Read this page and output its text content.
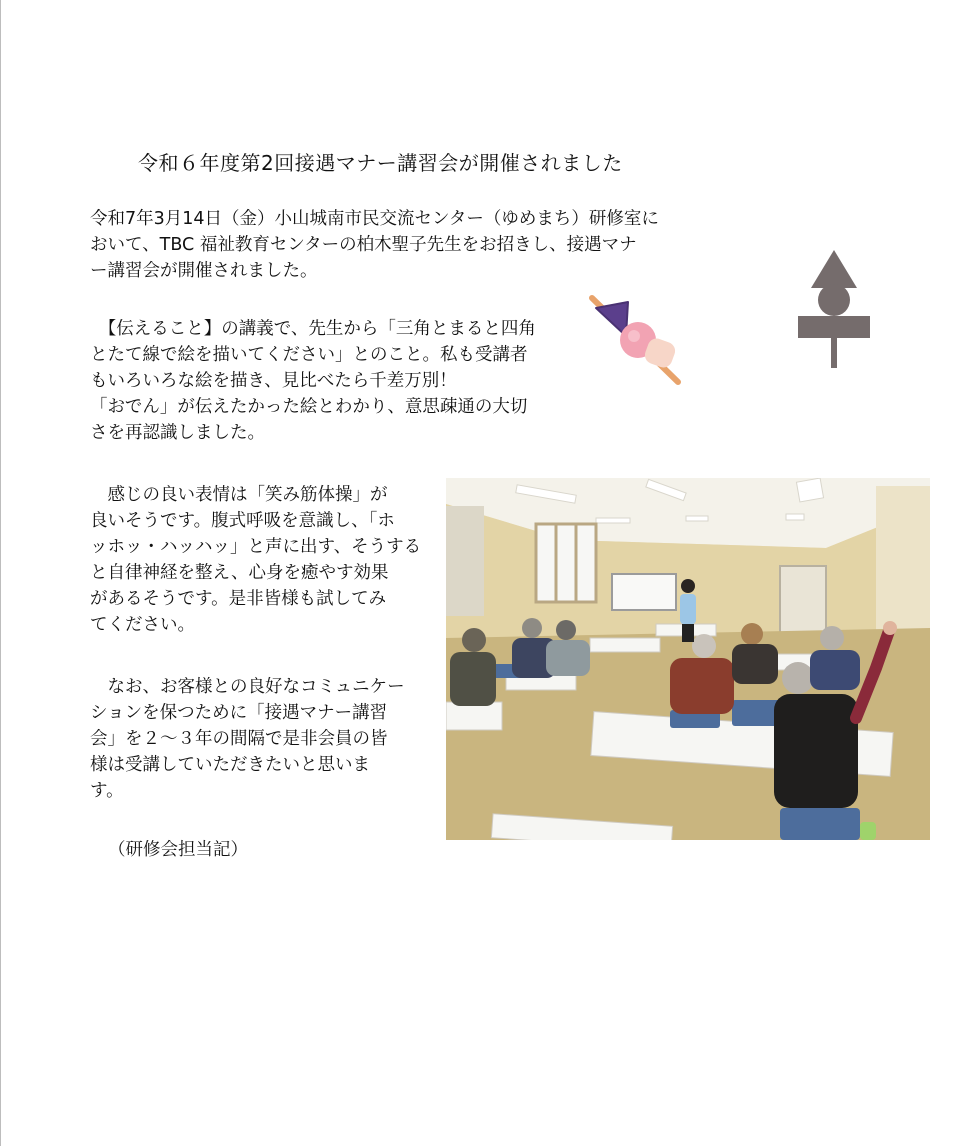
令和６年度第2回接遇マナー講習会が開催されました

令和7年3月14日（金）小山城南市民交流センター（ゆめまち）研修室に
おいて、TBC 福祉教育センターの柏木聖子先生をお招きし、接遇マナ
ー講習会が開催されました。

　【伝えること】の講義で、先生から「三角とまると四角
とたて線で絵を描いてください」とのこと。私も受講者
もいろいろな絵を描き、見比べたら千差万別！
「おでん」が伝えたかった絵とわかり、意思疎通の大切
さを再認識しました。

　感じの良い表情は「笑み筋体操」が
良いそうです。腹式呼吸を意識し、「ホ
ッホッ・ハッハッ」と声に出す、そうする
と自律神経を整え、心身を癒やす効果
があるそうです。是非皆様も試してみ
てください。

　なお、お客様との良好なコミュニケー
ションを保つために「接遇マナー講習
会」を２～３年の間隔で是非会員の皆
様は受講していただきたいと思いま
す。

（研修会担当記）
